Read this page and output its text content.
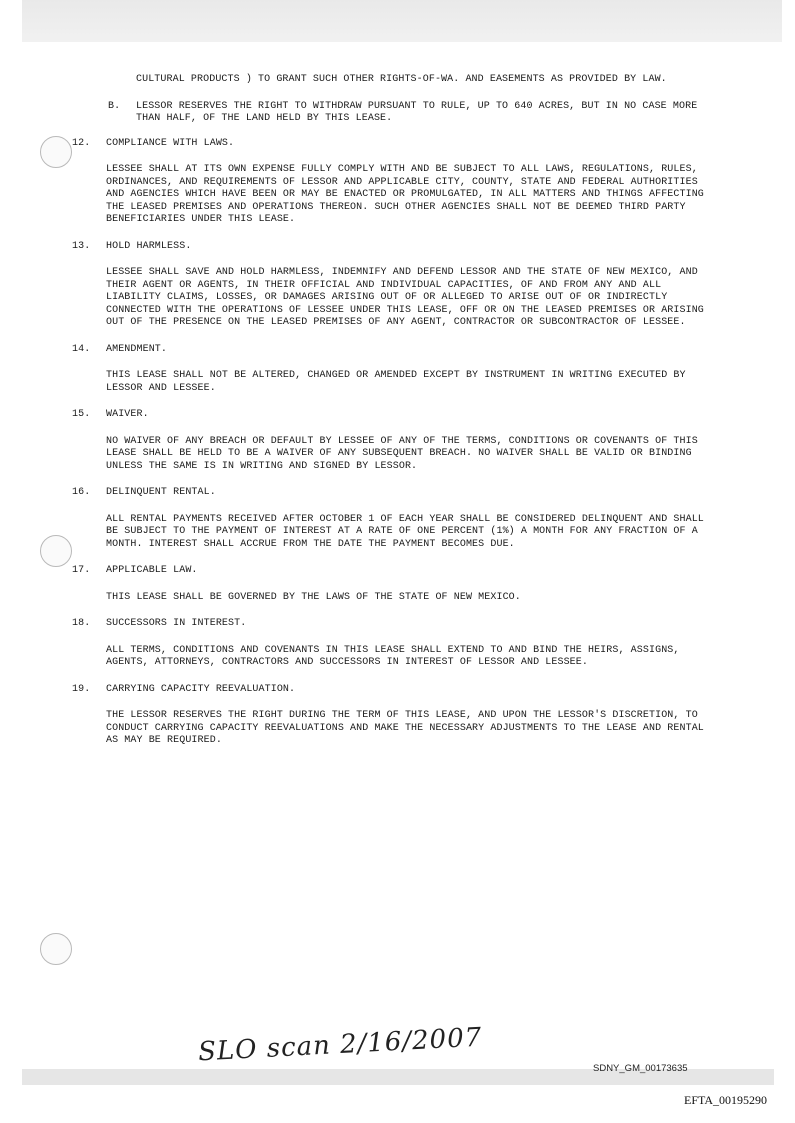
CULTURAL PRODUCTS ) TO GRANT SUCH OTHER RIGHTS-OF-WA. AND EASEMENTS AS PROVIDED BY LAW.

B.	LESSOR RESERVES THE RIGHT TO WITHDRAW PURSUANT TO RULE, UP TO 640 ACRES, BUT IN NO CASE MORE THAN HALF, OF THE LAND HELD BY THIS LEASE.

12.	COMPLIANCE WITH LAWS.

LESSEE SHALL AT ITS OWN EXPENSE FULLY COMPLY WITH AND BE SUBJECT TO ALL LAWS, REGULATIONS, RULES, ORDINANCES, AND REQUIREMENTS OF LESSOR AND APPLICABLE CITY, COUNTY, STATE AND FEDERAL AUTHORITIES AND AGENCIES WHICH HAVE BEEN OR MAY BE ENACTED OR PROMULGATED, IN ALL MATTERS AND THINGS AFFECTING THE LEASED PREMISES AND OPERATIONS THEREON. SUCH OTHER AGENCIES SHALL NOT BE DEEMED THIRD PARTY BENEFICIARIES UNDER THIS LEASE.

13.	HOLD HARMLESS.

LESSEE SHALL SAVE AND HOLD HARMLESS, INDEMNIFY AND DEFEND LESSOR AND THE STATE OF NEW MEXICO, AND THEIR AGENT OR AGENTS, IN THEIR OFFICIAL AND INDIVIDUAL CAPACITIES, OF AND FROM ANY AND ALL LIABILITY CLAIMS, LOSSES, OR DAMAGES ARISING OUT OF OR ALLEGED TO ARISE OUT OF OR INDIRECTLY CONNECTED WITH THE OPERATIONS OF LESSEE UNDER THIS LEASE, OFF OR ON THE LEASED PREMISES OR ARISING OUT OF THE PRESENCE ON THE LEASED PREMISES OF ANY AGENT, CONTRACTOR OR SUBCONTRACTOR OF LESSEE.

14.	AMENDMENT.

THIS LEASE SHALL NOT BE ALTERED, CHANGED OR AMENDED EXCEPT BY INSTRUMENT IN WRITING EXECUTED BY LESSOR AND LESSEE.

15.	WAIVER.

NO WAIVER OF ANY BREACH OR DEFAULT BY LESSEE OF ANY OF THE TERMS, CONDITIONS OR COVENANTS OF THIS LEASE SHALL BE HELD TO BE A WAIVER OF ANY SUBSEQUENT BREACH. NO WAIVER SHALL BE VALID OR BINDING UNLESS THE SAME IS IN WRITING AND SIGNED BY LESSOR.

16.	DELINQUENT RENTAL.

ALL RENTAL PAYMENTS RECEIVED AFTER OCTOBER 1 OF EACH YEAR SHALL BE CONSIDERED DELINQUENT AND SHALL BE SUBJECT TO THE PAYMENT OF INTEREST AT A RATE OF ONE PERCENT (1%) A MONTH FOR ANY FRACTION OF A MONTH. INTEREST SHALL ACCRUE FROM THE DATE THE PAYMENT BECOMES DUE.

17.	APPLICABLE LAW.

THIS LEASE SHALL BE GOVERNED BY THE LAWS OF THE STATE OF NEW MEXICO.

18.	SUCCESSORS IN INTEREST.

ALL TERMS, CONDITIONS AND COVENANTS IN THIS LEASE SHALL EXTEND TO AND BIND THE HEIRS, ASSIGNS, AGENTS, ATTORNEYS, CONTRACTORS AND SUCCESSORS IN INTEREST OF LESSOR AND LESSEE.

19.	CARRYING CAPACITY REEVALUATION.

THE LESSOR RESERVES THE RIGHT DURING THE TERM OF THIS LEASE, AND UPON THE LESSOR'S DISCRETION, TO CONDUCT CARRYING CAPACITY REEVALUATIONS AND MAKE THE NECESSARY ADJUSTMENTS TO THE LEASE AND RENTAL AS MAY BE REQUIRED.

SLO scan 2/16/2007
SDNY_GM_00173635
EFTA_00195290
